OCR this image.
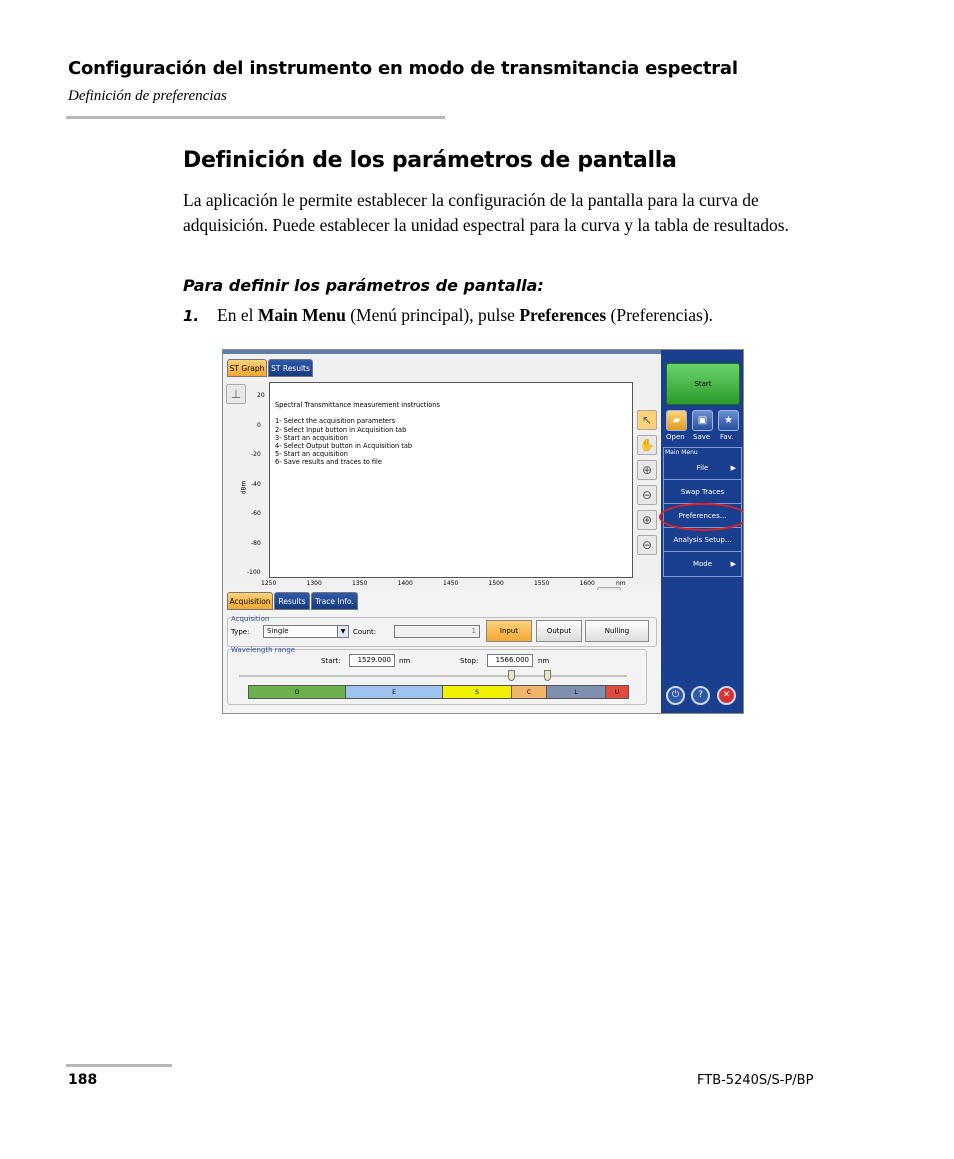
Configuración del instrumento en modo de transmitancia espectral
Definición de preferencias
Definición de los parámetros de pantalla
La aplicación le permite establecer la configuración de la pantalla para la curva de adquisición. Puede establecer la unidad espectral para la curva y la tabla de resultados.
Para definir los parámetros de pantalla:
1. En el Main Menu (Menú principal), pulse Preferences (Preferencias).
ST Graph ST Results
⊥
dBm
20
0
-20
-40
-60
-80
-100
Spectral Transmittance measurement instructions

1- Select the acquisition parameters
2- Select Input button in Acquisition tab
3- Start an acquisition
4- Select Output button in Acquisition tab
5- Start an acquisition
6- Save results and traces to file
1250	1300	1350	1400	1450	1500	1550	1600	nm
↖
✋
⊕
⊖
⊕
⊖
Start
▰	▣	★
Open Save Fav.
Main Menu
File	▶
Swap Traces
Preferences...
Analysis Setup...
Mode	▶
⏻	?	✕
Acquisition	Results	Trace Info.
Acquisition
Type:	Single	▼	Count:	1	Input	Output	Nulling
Wavelength range
Start:	1529.000	nm	Stop:	1566.000	nm
O	E	S	C	L	U
188	FTB-5240S/S-P/BP
